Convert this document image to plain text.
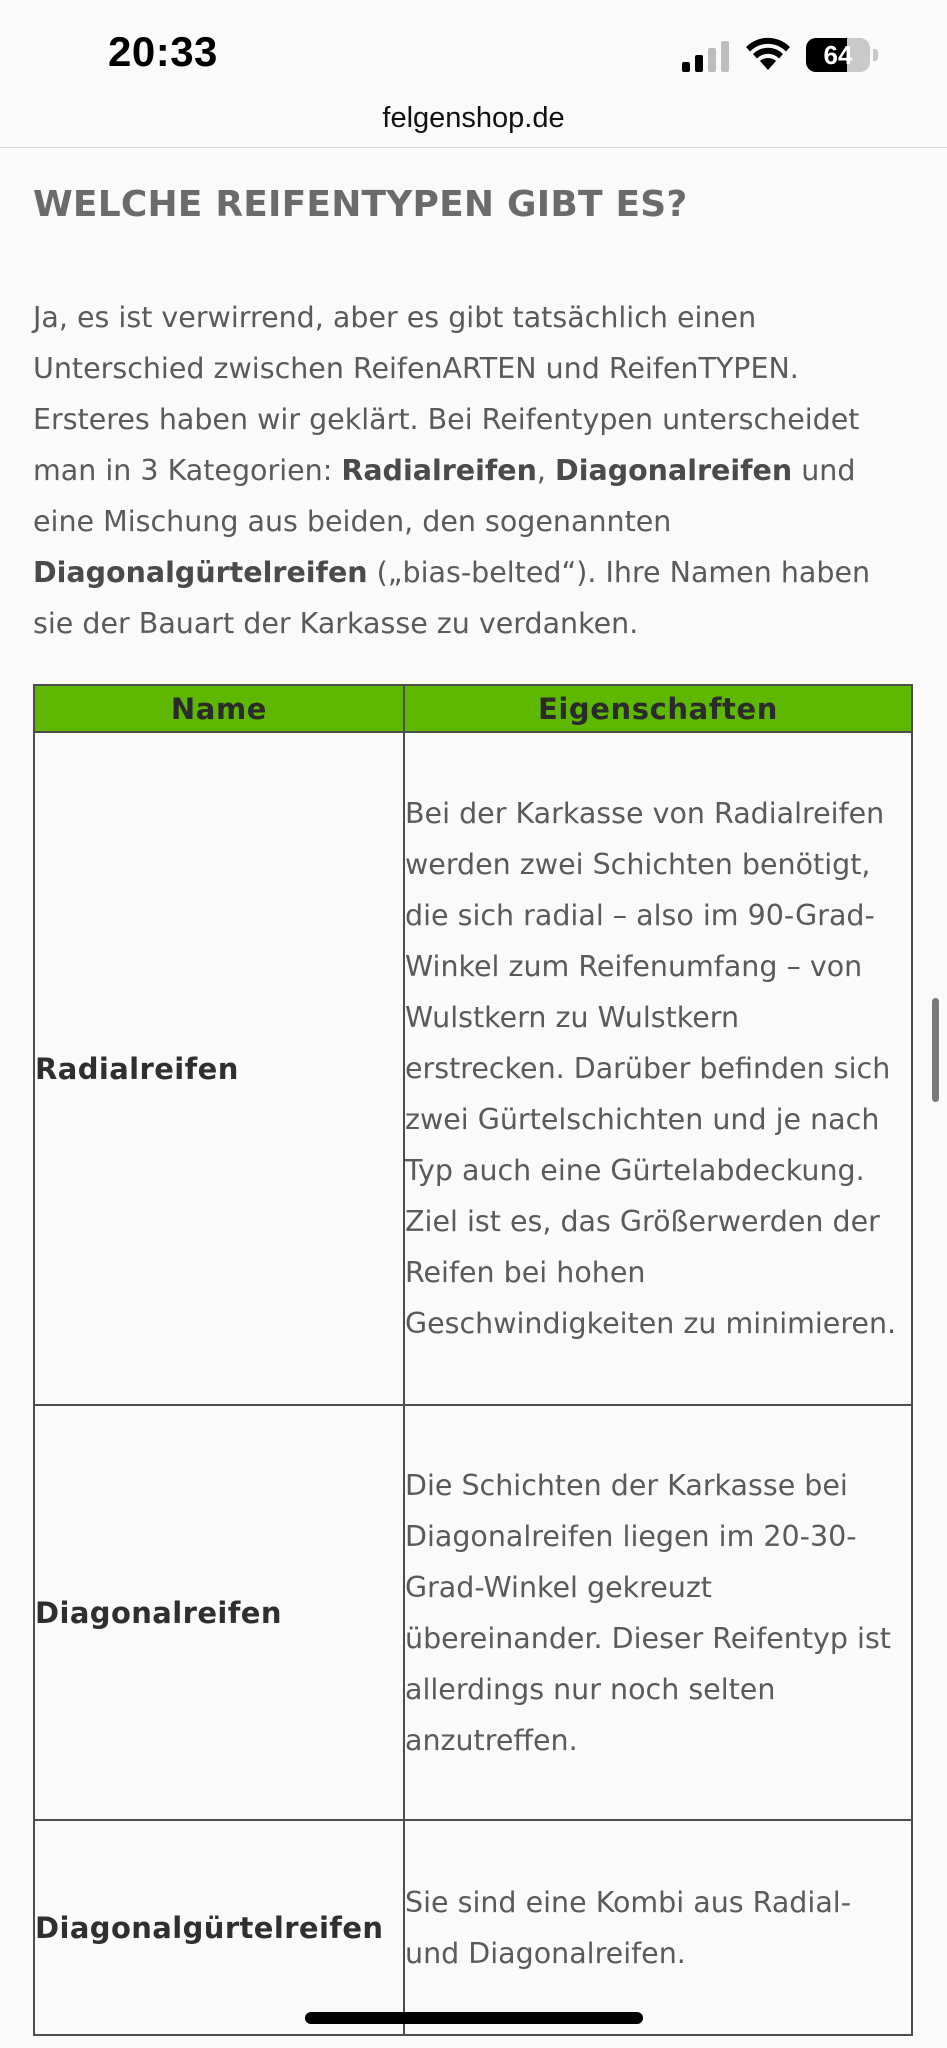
20:33	64
felgenshop.de
WELCHE REIFENTYPEN GIBT ES?

Ja, es ist verwirrend, aber es gibt tatsächlich einen Unterschied zwischen ReifenARTEN und ReifenTYPEN. Ersteres haben wir geklärt. Bei Reifentypen unterscheidet man in 3 Kategorien: Radialreifen, Diagonalreifen und eine Mischung aus beiden, den sogenannten Diagonalgürtelreifen („bias-belted“). Ihre Namen haben sie der Bauart der Karkasse zu verdanken.

Name	Eigenschaften
Radialreifen	Bei der Karkasse von Radialreifen werden zwei Schichten benötigt, die sich radial – also im 90-Grad-Winkel zum Reifenumfang – von Wulstkern zu Wulstkern erstrecken. Darüber befinden sich zwei Gürtelschichten und je nach Typ auch eine Gürtelabdeckung. Ziel ist es, das Größerwerden der Reifen bei hohen Geschwindigkeiten zu minimieren.
Diagonalreifen	Die Schichten der Karkasse bei Diagonalreifen liegen im 20-30-Grad-Winkel gekreuzt übereinander. Dieser Reifentyp ist allerdings nur noch selten anzutreffen.
Diagonalgürtelreifen	Sie sind eine Kombi aus Radial- und Diagonalreifen.
